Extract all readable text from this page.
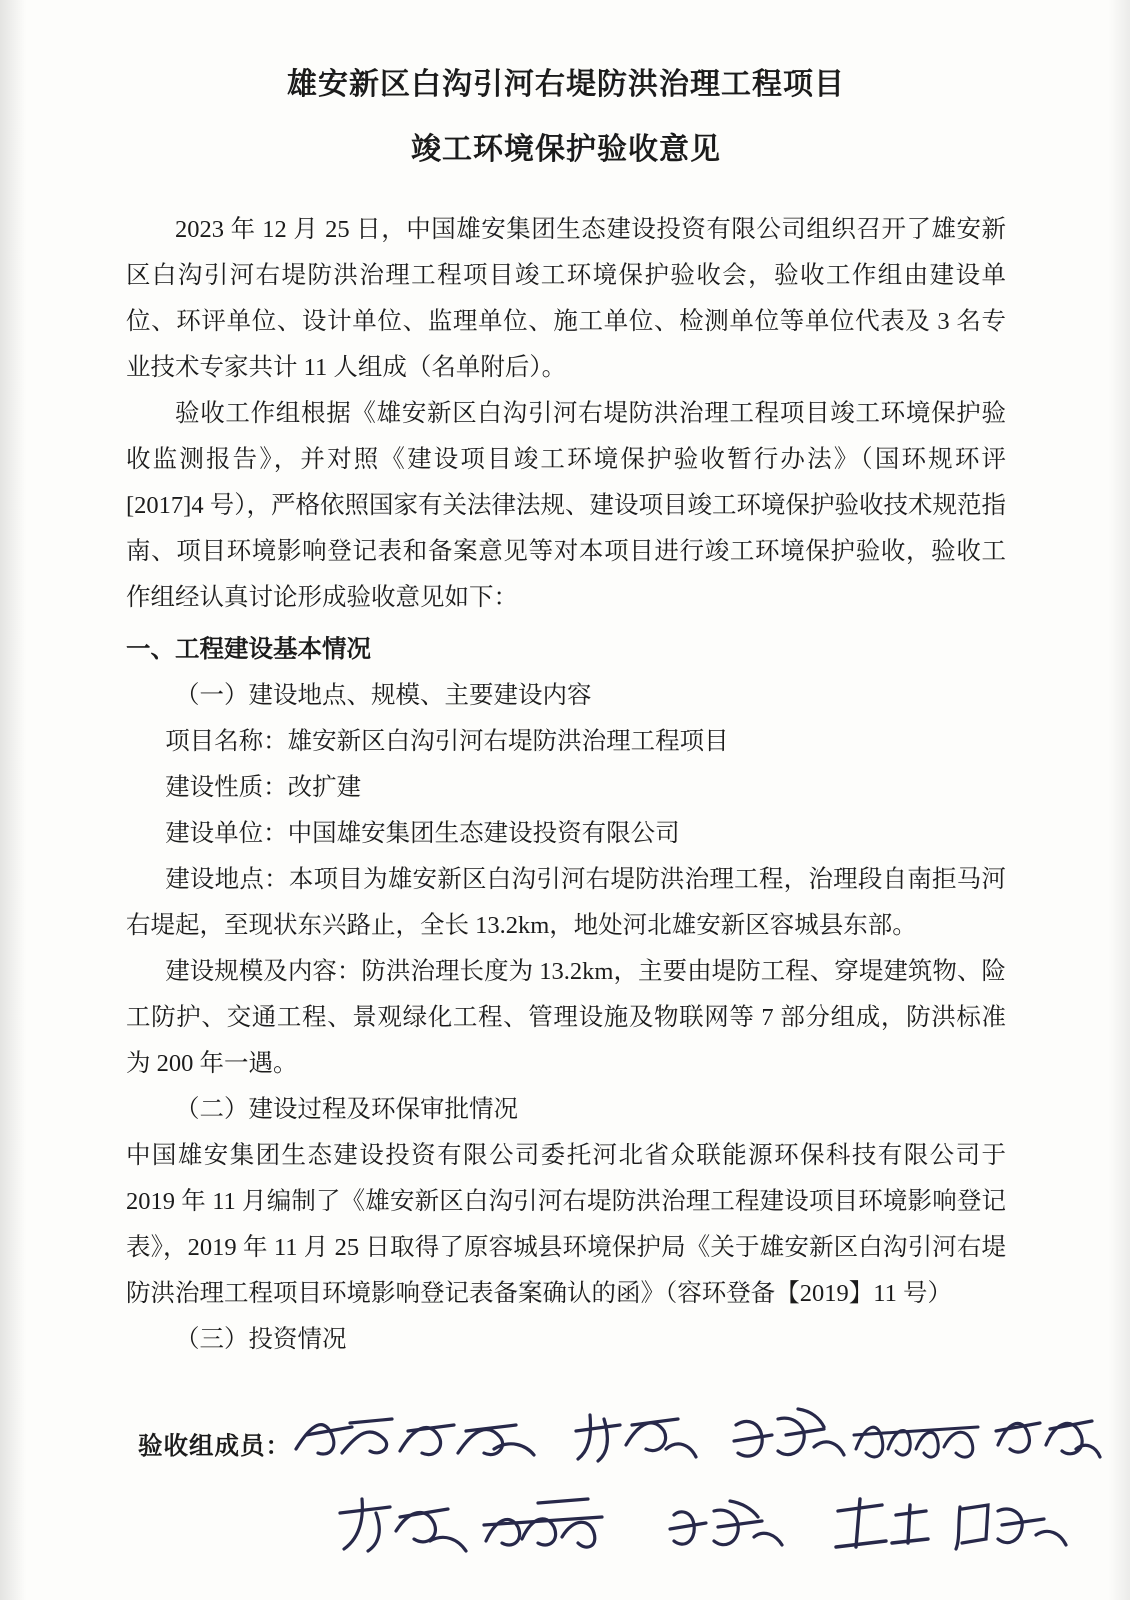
雄安新区白沟引河右堤防洪治理工程项目
竣工环境保护验收意见

2023 年 12 月 25 日，中国雄安集团生态建设投资有限公司组织召开了雄安新区白沟引河右堤防洪治理工程项目竣工环境保护验收会，验收工作组由建设单位、环评单位、设计单位、监理单位、施工单位、检测单位等单位代表及 3 名专业技术专家共计 11 人组成（名单附后）。

验收工作组根据《雄安新区白沟引河右堤防洪治理工程项目竣工环境保护验收监测报告》，并对照《建设项目竣工环境保护验收暂行办法》（国环规环评[2017]4 号），严格依照国家有关法律法规、建设项目竣工环境保护验收技术规范指南、项目环境影响登记表和备案意见等对本项目进行竣工环境保护验收，验收工作组经认真讨论形成验收意见如下：

一、工程建设基本情况

（一）建设地点、规模、主要建设内容

项目名称：雄安新区白沟引河右堤防洪治理工程项目

建设性质：改扩建

建设单位：中国雄安集团生态建设投资有限公司

建设地点：本项目为雄安新区白沟引河右堤防洪治理工程，治理段自南拒马河右堤起，至现状东兴路止，全长 13.2km，地处河北雄安新区容城县东部。

建设规模及内容：防洪治理长度为 13.2km，主要由堤防工程、穿堤建筑物、险工防护、交通工程、景观绿化工程、管理设施及物联网等 7 部分组成，防洪标准为 200 年一遇。

（二）建设过程及环保审批情况

中国雄安集团生态建设投资有限公司委托河北省众联能源环保科技有限公司于 2019 年 11 月编制了《雄安新区白沟引河右堤防洪治理工程建设项目环境影响登记表》，2019 年 11 月 25 日取得了原容城县环境保护局《关于雄安新区白沟引河右堤防洪治理工程项目环境影响登记表备案确认的函》（容环登备【2019】11 号）

（三）投资情况

验收组成员：
